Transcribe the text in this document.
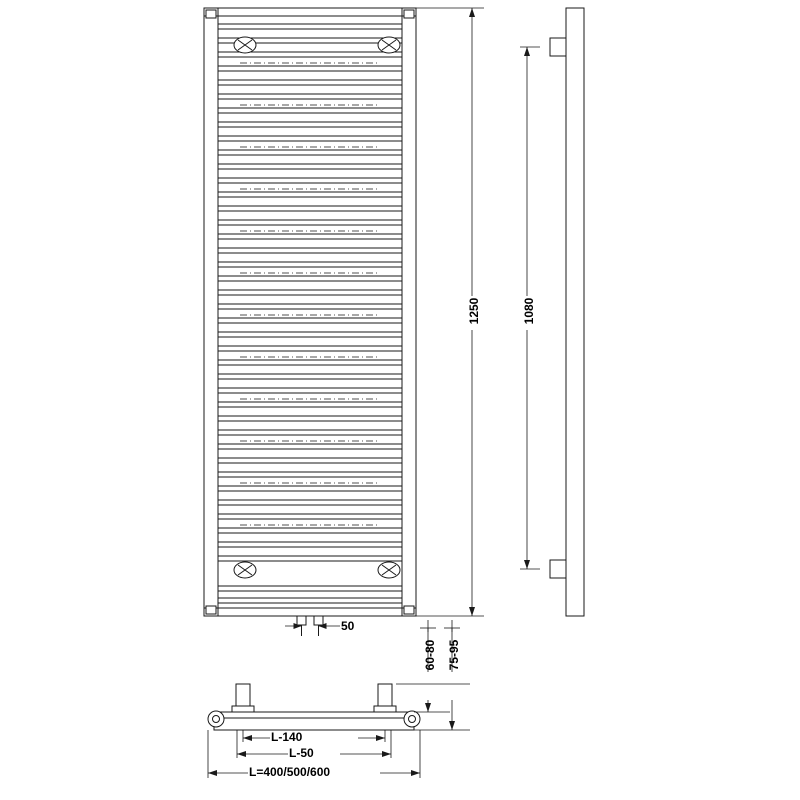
1250	1080
50
60-80 75-95
L-140
L-50
L=400/500/600
